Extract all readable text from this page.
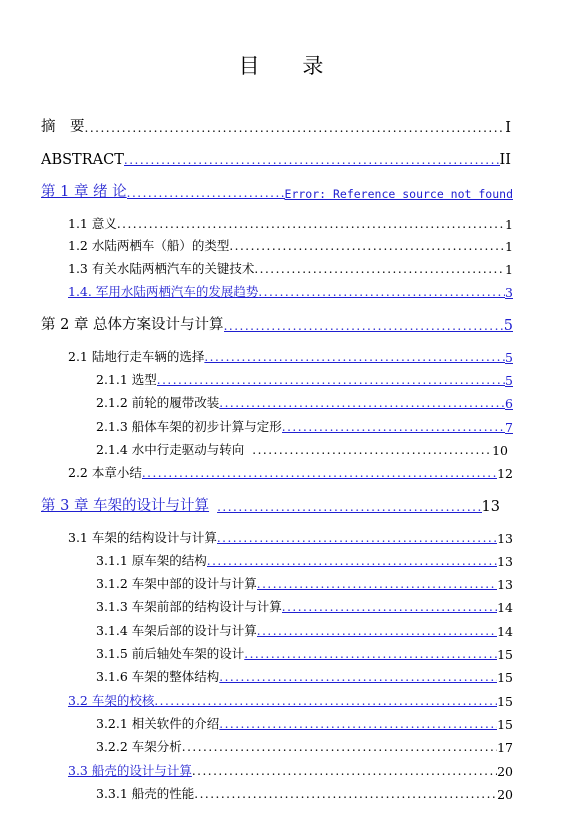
目 录
摘　要 .....	I
ABSTRACT .....	II
第 1 章 绪 论 .....	Error: Reference source not found
1.1 意义 .....	1
1.2 水陆两栖车（船）的类型 .....	1
1.3 有关水陆两栖汽车的关键技术 .....	1
1.4. 军用水陆两栖汽车的发展趋势 .....	3
第 2 章 总体方案设计与计算 .....	5
2.1 陆地行走车辆的选择 .....	5
2.1.1 选型 .....	5
2.1.2 前轮的履带改装 .....	6
2.1.3 船体车架的初步计算与定形 .....	7
2.1.4 水中行走驱动与转向 .....	10
2.2 本章小结 .....	12
第 3 章 车架的设计与计算 .....	13
3.1 车架的结构设计与计算 .....	13
3.1.1 原车架的结构 .....	13
3.1.2 车架中部的设计与计算 .....	13
3.1.3 车架前部的结构设计与计算 .....	14
3.1.4 车架后部的设计与计算 .....	14
3.1.5 前后轴处车架的设计 .....	15
3.1.6 车架的整体结构 .....	15
3.2 车架的校核 .....	15
3.2.1 相关软件的介绍 .....	15
3.2.2 车架分析 .....	17
3.3 船壳的设计与计算 .....	20
3.3.1 船壳的性能 .....	20
